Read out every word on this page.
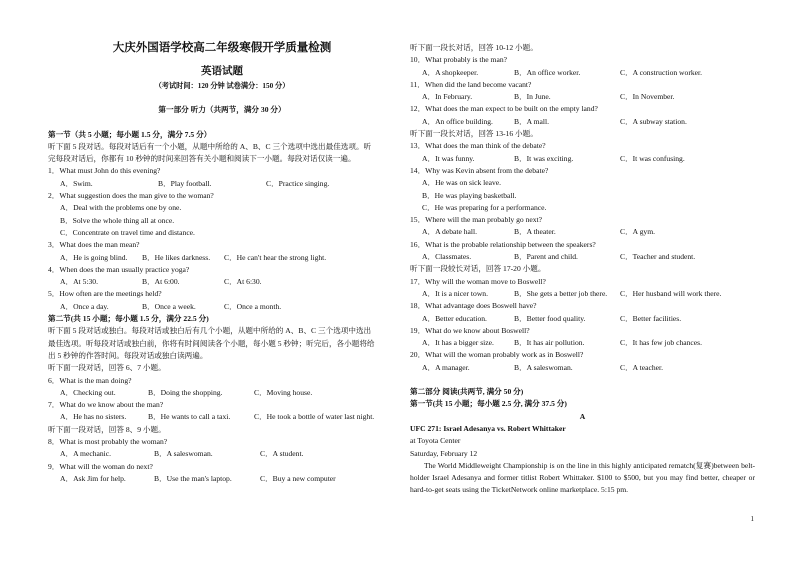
大庆外国语学校高二年级寒假开学质量检测
英语试题
（考试时间：120 分钟 试卷满分：150 分）
第一部分 听力（共两节，满分 30 分）
第一节（共 5 小题；每小题 1.5 分，满分 7.5 分）
听下面 5 段对话。每段对话后有一个小题，从题中所给的 A、B、C 三个选项中选出最佳选项。听
完每段对话后，你都有 10 秒钟的时间来回答有关小题和阅读下一小题。每段对话仅读一遍。
1．What must John do this evening?
A．Swim.	B．Play football.	C．Practice singing.
2．What suggestion does the man give to the woman?
A．Deal with the problems one by one.
B．Solve the whole thing all at once.
C．Concentrate on travel time and distance.
3．What does the man mean?
A．He is going blind.	B．He likes darkness.	C．He can't hear the strong light.
4．When does the man usually practice yoga?
A．At 5:30.	B．At 6:00.	C．At 6:30.
5．How often are the meetings held?
A．Once a day.	B．Once a week.	C．Once a month.
第二节(共 15 小题；每小题 1.5 分，满分 22.5 分)
听下面 5 段对话或独白。每段对话或独白后有几个小题，从题中所给的 A、B、C 三个选项中选出
最佳选项。听每段对话或独白前，你将有时间阅读各个小题，每小题 5 秒钟；听完后，各小题将给
出 5 秒钟的作答时间。每段对话或独白读两遍。
听下面一段对话，回答 6、7 小题。
6．What is the man doing?
A．Checking out.	B．Doing the shopping.	C．Moving house.
7．What do we know about the man?
A．He has no sisters.	B．He wants to call a taxi.	C．He took a bottle of water last night.
听下面一段对话，回答 8、9 小题。
8．What is most probably the woman?
A．A mechanic.	B．A saleswoman.	C．A student.
9．What will the woman do next?
A．Ask Jim for help.	B．Use the man's laptop.	C．Buy a new computer
听下面一段长对话，回答 10-12 小题。
10．What probably is the man?
A．A shopkeeper.	B．An office worker.	C．A construction worker.
11．When did the land become vacant?
A．In February.	B．In June.	C．In November.
12．What does the man expect to be built on the empty land?
A．An office building.	B．A mall.	C．A subway station.
听下面一段长对话，回答 13-16 小题。
13．What does the man think of the debate?
A．It was funny.	B．It was exciting.	C．It was confusing.
14．Why was Kevin absent from the debate?
A．He was on sick leave.
B．He was playing basketball.
C．He was preparing for a performance.
15．Where will the man probably go next?
A．A debate hall.	B．A theater.	C．A gym.
16．What is the probable relationship between the speakers?
A．Classmates.	B．Parent and child.	C．Teacher and student.
听下面一段较长对话，回答 17-20 小题。
17．Why will the woman move to Boswell?
A．It is a nicer town.	B．She gets a better job there.	C．Her husband will work there.
18．What advantage does Boswell have?
A．Better education.	B．Better food quality.	C．Better facilities.
19．What do we know about Boswell?
A．It has a bigger size.	B．It has air pollution.	C．It has few job chances.
20．What will the woman probably work as in Boswell?
A．A manager.	B．A saleswoman.	C．A teacher.
第二部分 阅读(共两节, 满分 50 分)
第一节(共 15 小题；每小题 2.5 分, 满分 37.5 分)
A
UFC 271: Israel Adesanya vs. Robert Whittaker
at Toyota Center
Saturday, February 12
The World Middleweight Championship is on the line in this highly anticipated rematch(复赛)between belt-holder Israel Adesanya and former titlist Robert Whittaker. $100 to $500, but you may find better, cheaper or hard-to-get seats using the TicketNetwork online marketplace. 5:15 pm.
1
